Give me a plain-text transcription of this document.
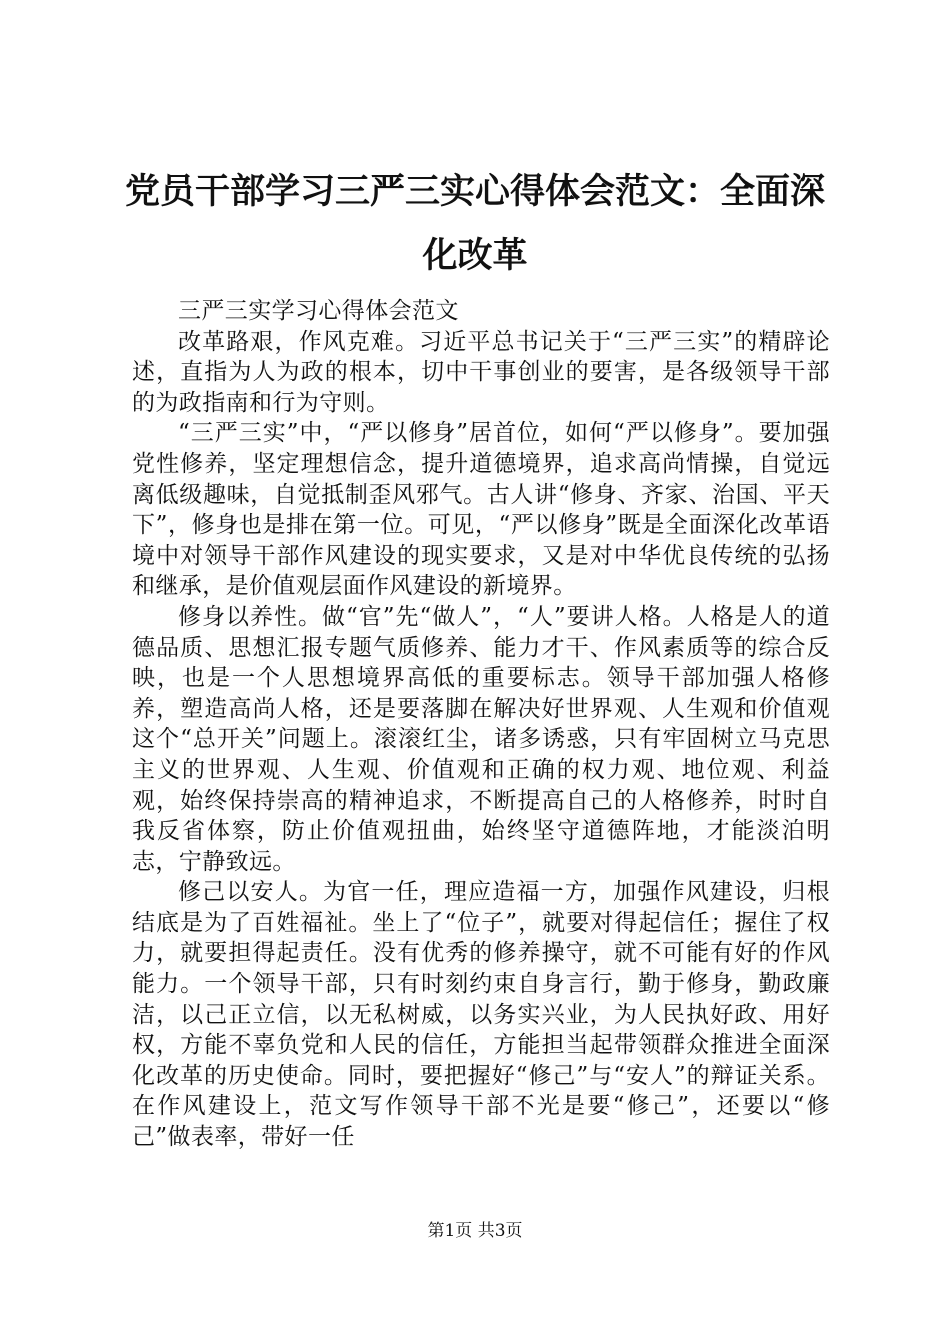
党员干部学习三严三实心得体会范文：全面深化改革

三严三实学习心得体会范文

改革路艰，作风克难。习近平总书记关于“三严三实”的精辟论述，直指为人为政的根本，切中干事创业的要害，是各级领导干部的为政指南和行为守则。

“三严三实”中，“严以修身”居首位，如何“严以修身”。要加强党性修养，坚定理想信念，提升道德境界，追求高尚情操，自觉远离低级趣味，自觉抵制歪风邪气。古人讲“修身、齐家、治国、平天下”，修身也是排在第一位。可见，“严以修身”既是全面深化改革语境中对领导干部作风建设的现实要求，又是对中华优良传统的弘扬和继承，是价值观层面作风建设的新境界。

修身以养性。做“官”先“做人”，“人”要讲人格。人格是人的道德品质、思想汇报专题气质修养、能力才干、作风素质等的综合反映，也是一个人思想境界高低的重要标志。领导干部加强人格修养，塑造高尚人格，还是要落脚在解决好世界观、人生观和价值观这个“总开关”问题上。滚滚红尘，诸多诱惑，只有牢固树立马克思主义的世界观、人生观、价值观和正确的权力观、地位观、利益观，始终保持崇高的精神追求，不断提高自己的人格修养，时时自我反省体察，防止价值观扭曲，始终坚守道德阵地，才能淡泊明志，宁静致远。

修己以安人。为官一任，理应造福一方，加强作风建设，归根结底是为了百姓福祉。坐上了“位子”，就要对得起信任；握住了权力，就要担得起责任。没有优秀的修养操守，就不可能有好的作风能力。一个领导干部，只有时刻约束自身言行，勤于修身，勤政廉洁，以己正立信，以无私树威，以务实兴业，为人民执好政、用好权，方能不辜负党和人民的信任，方能担当起带领群众推进全面深化改革的历史使命。同时，要把握好“修己”与“安人”的辩证关系。在作风建设上，范文写作领导干部不光是要“修己”，还要以“修己”做表率，带好一任

第1页 共3页
